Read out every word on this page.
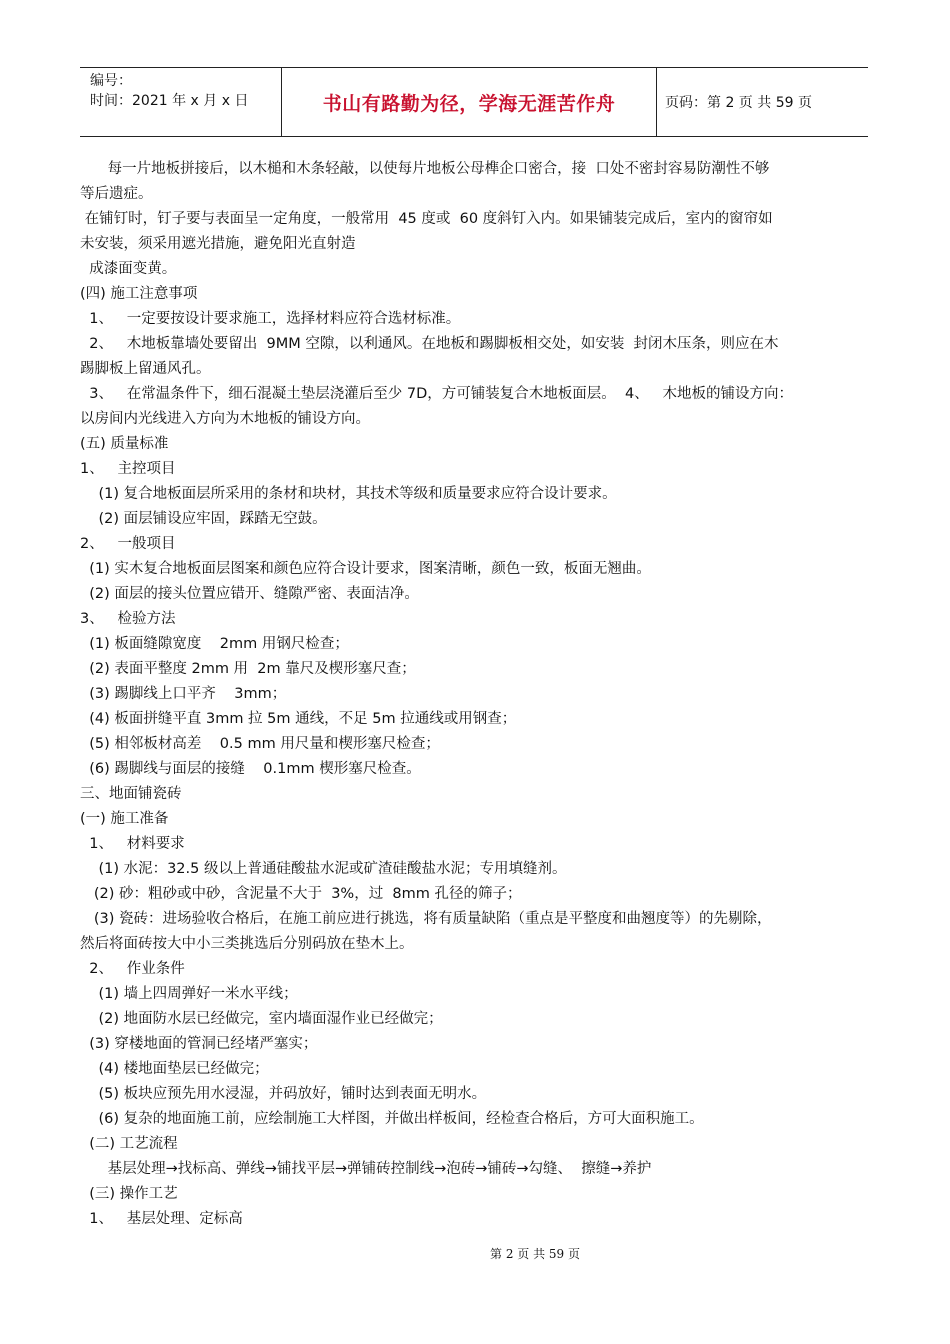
编号：
时间：2021 年 x 月 x 日	书山有路勤为径，学海无涯苦作舟	页码：第 2 页 共 59 页

每一片地板拼接后，以木槌和木条轻敲，以使每片地板公母榫企口密合，接  口处不密封容易防潮性不够

等后遗症。

在铺钉时，钉子要与表面呈一定角度，一般常用  45 度或  60 度斜钉入内。如果铺装完成后，室内的窗帘如

未安装，须采用遮光措施，避免阳光直射造

成漆面变黄。

(四) 施工注意事项

1、   一定要按设计要求施工，选择材料应符合选材标准。

2、   木地板靠墙处要留出  9MM 空隙，以利通风。在地板和踢脚板相交处，如安装  封闭木压条，则应在木

踢脚板上留通风孔。

3、   在常温条件下，细石混凝土垫层浇灌后至少 7D，方可铺装复合木地板面层。  4、   木地板的铺设方向：

以房间内光线进入方向为木地板的铺设方向。

(五) 质量标准

1、   主控项目

(1) 复合地板面层所采用的条材和块材，其技术等级和质量要求应符合设计要求。

(2) 面层铺设应牢固，踩踏无空鼓。

2、   一般项目

(1) 实木复合地板面层图案和颜色应符合设计要求，图案清晰，颜色一致，板面无翘曲。

(2) 面层的接头位置应错开、缝隙严密、表面洁净。

3、   检验方法

(1) 板面缝隙宽度    2mm 用钢尺检查；

(2) 表面平整度 2mm 用  2m 靠尺及楔形塞尺查；

(3) 踢脚线上口平齐    3mm；

(4) 板面拼缝平直 3mm 拉 5m 通线，不足 5m 拉通线或用钢查；

(5) 相邻板材高差    0.5 mm 用尺量和楔形塞尺检查；

(6) 踢脚线与面层的接缝    0.1mm 楔形塞尺检查。

三、地面铺瓷砖

(一) 施工准备

1、   材料要求

(1) 水泥：32.5 级以上普通硅酸盐水泥或矿渣硅酸盐水泥；专用填缝剂。

(2) 砂：粗砂或中砂，含泥量不大于  3%，过  8mm 孔径的筛子；

(3) 瓷砖：进场验收合格后，在施工前应进行挑选，将有质量缺陷（重点是平整度和曲翘度等）的先剔除，

然后将面砖按大中小三类挑选后分别码放在垫木上。

2、   作业条件

(1) 墙上四周弹好一米水平线；

(2) 地面防水层已经做完，室内墙面湿作业已经做完；

(3) 穿楼地面的管洞已经堵严塞实；

(4) 楼地面垫层已经做完；

(5) 板块应预先用水浸湿，并码放好，铺时达到表面无明水。

(6) 复杂的地面施工前，应绘制施工大样图，并做出样板间，经检查合格后，方可大面积施工。

(二) 工艺流程

基层处理→找标高、弹线→铺找平层→弹铺砖控制线→泡砖→铺砖→勾缝、  擦缝→养护

(三) 操作工艺

1、   基层处理、定标高

第 2 页 共 59 页
